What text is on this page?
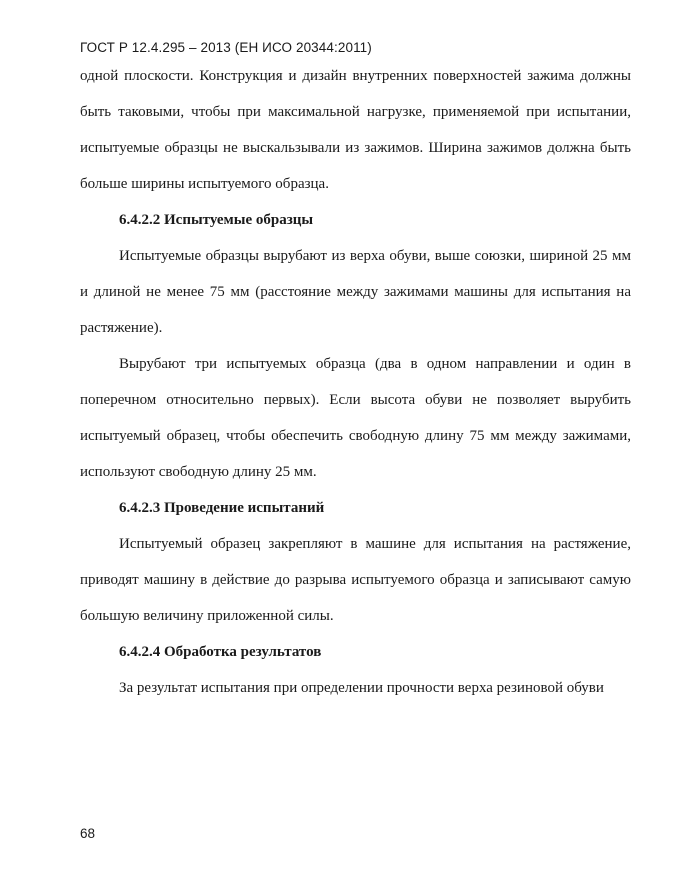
ГОСТ Р 12.4.295 – 2013 (ЕН ИСО 20344:2011)

одной плоскости. Конструкция и дизайн внутренних поверхностей зажима должны быть таковыми, чтобы при максимальной нагрузке, применяемой при испытании, испытуемые образцы не выскальзывали из зажимов. Ширина зажимов должна быть больше ширины испытуемого образца.

6.4.2.2 Испытуемые образцы

Испытуемые образцы вырубают из верха обуви, выше союзки, шириной 25 мм и длиной не менее 75 мм (расстояние между зажимами машины для испытания на растяжение).

Вырубают три испытуемых образца (два в одном направлении и один в поперечном относительно первых). Если высота обуви не позволяет вырубить испытуемый образец, чтобы обеспечить свободную длину 75 мм между зажимами, используют свободную длину 25 мм.

6.4.2.3 Проведение испытаний

Испытуемый образец закрепляют в машине для испытания на растяжение, приводят машину в действие до разрыва испытуемого образца и записывают самую большую величину приложенной силы.

6.4.2.4 Обработка результатов

За результат испытания при определении прочности верха резиновой обуви

68
